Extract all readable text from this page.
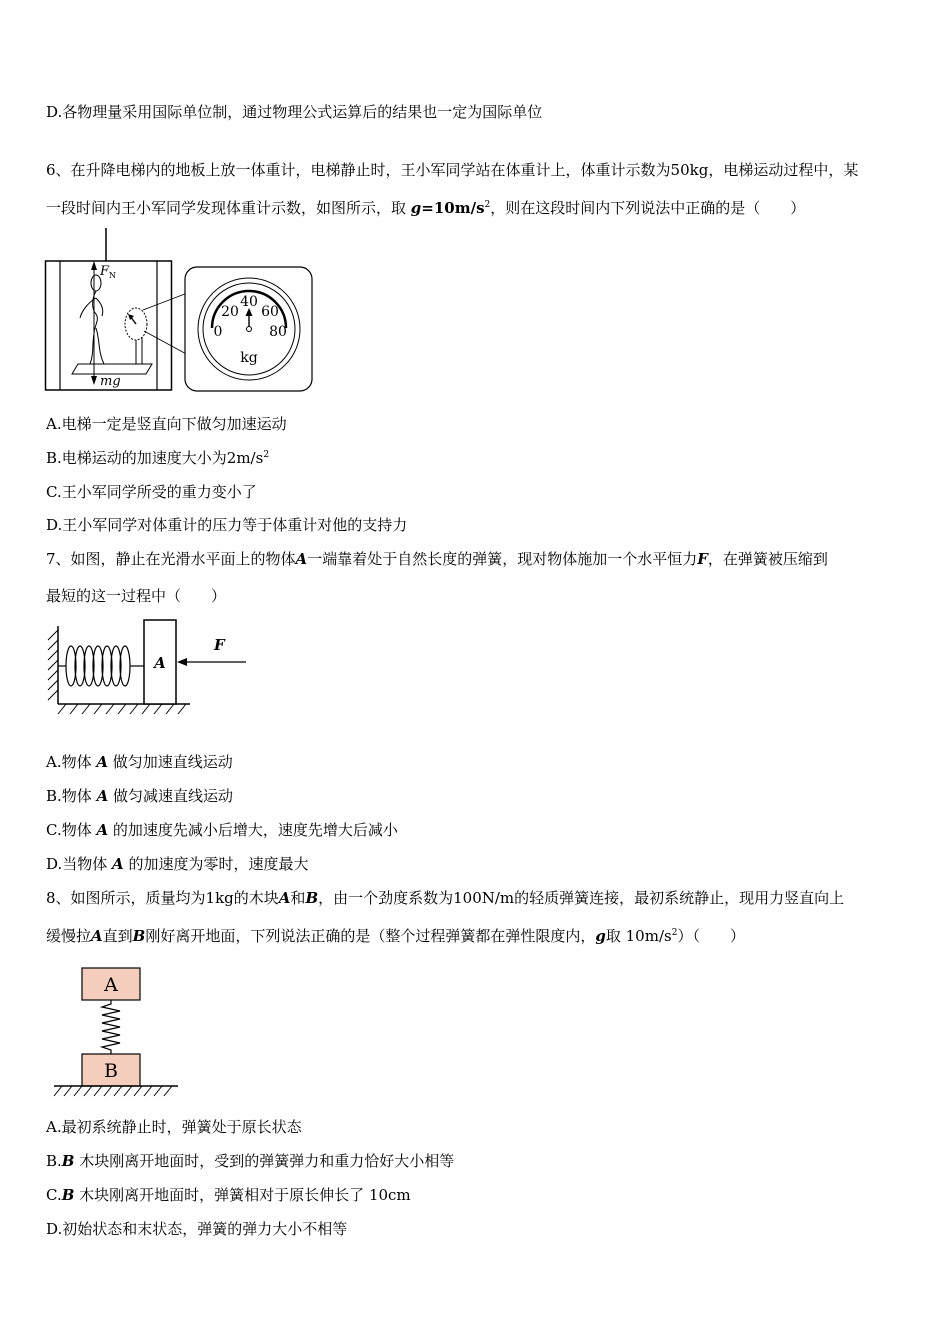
D.各物理量采用国际单位制，通过物理公式运算后的结果也一定为国际单位
6、在升降电梯内的地板上放一体重计，电梯静止时，王小军同学站在体重计上，体重计示数为50kg，电梯运动过程中，某
一段时间内王小军同学发现体重计示数，如图所示，取 $g=10m/s^2$，则在这段时间内下列说法中正确的是（　　）
$F_N$
mg
0
20
40
60
80
kg
A.电梯一定是竖直向下做匀加速运动
B.电梯运动的加速度大小为$2m/s^2$
C.王小军同学所受的重力变小了
D.王小军同学对体重计的压力等于体重计对他的支持力
7、如图，静止在光滑水平面上的物体A一端靠着处于自然长度的弹簧，现对物体施加一个水平恒力F，在弹簧被压缩到
最短的这一过程中（　　）
A
F
A.物体 A 做匀加速直线运动
B.物体 A 做匀减速直线运动
C.物体 A 的加速度先减小后增大，速度先增大后减小
D.当物体 A 的加速度为零时，速度最大
8、如图所示，质量均为1kg的木块A和B，由一个劲度系数为100N/m的轻质弹簧连接，最初系统静止，现用力竖直向上
缓慢拉A直到B刚好离开地面，下列说法正确的是（整个过程弹簧都在弹性限度内，g取 $10m/s^2$）（　　）
A
B
A.最初系统静止时，弹簧处于原长状态
B.B 木块刚离开地面时，受到的弹簧弹力和重力恰好大小相等
C.B 木块刚离开地面时，弹簧相对于原长伸长了 10cm
D.初始状态和末状态，弹簧的弹力大小不相等
